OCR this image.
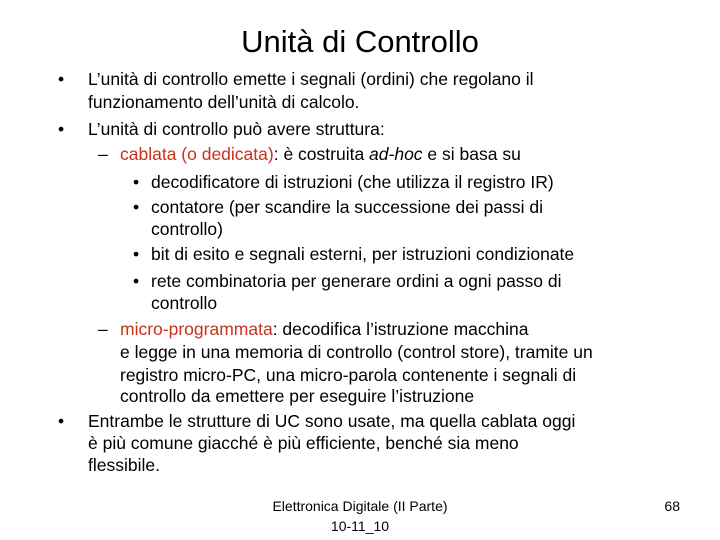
Unità di Controllo
• L’unità di controllo emette i segnali (ordini) che regolano il
funzionamento dell’unità di calcolo.
• L’unità di controllo può avere struttura:
– cablata (o dedicata): è costruita ad-hoc e si basa su
• decodificatore di istruzioni (che utilizza il registro IR)
• contatore (per scandire la successione dei passi di
controllo)
• bit di esito e segnali esterni, per istruzioni condizionate
• rete combinatoria per generare ordini a ogni passo di
controllo
– micro-programmata: decodifica l’istruzione macchina
e legge in una memoria di controllo (control store), tramite un
registro micro-PC, una micro-parola contenente i segnali di
controllo da emettere per eseguire l’istruzione
• Entrambe le strutture di UC sono usate, ma quella cablata oggi
è più comune giacché è più efficiente, benché sia meno
flessibile.
Elettronica Digitale (II Parte)
10-11_10
68
